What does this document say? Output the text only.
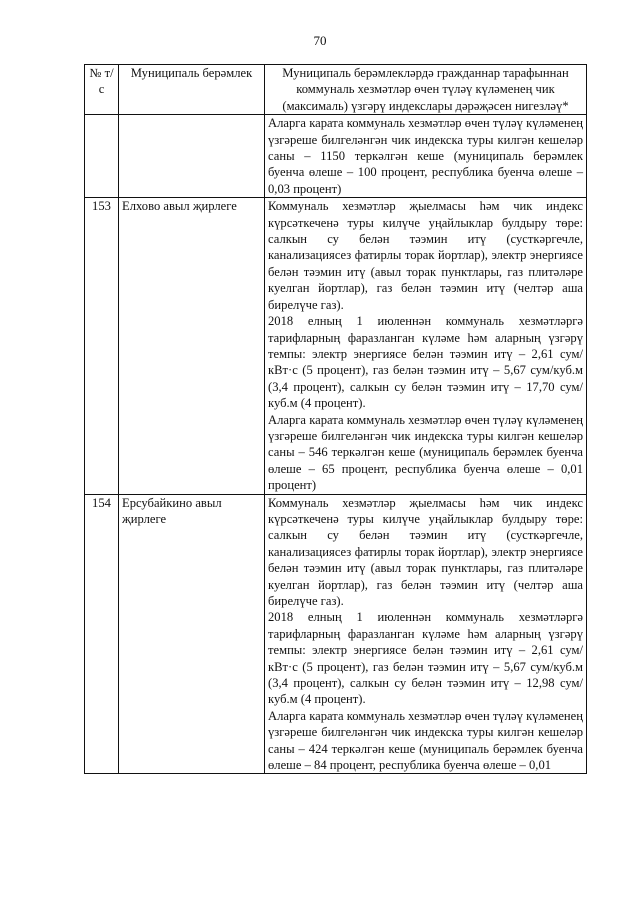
70
№ т/с	Муниципаль берәмлек	Муниципаль берәмлекләрдә гражданнар тарафыннан коммуналь хезмәтләр өчен түләү күләменең чик (максималь) үзгәрү индекслары дәрәҗәсен нигезләү*

		Аларга карата коммуналь хезмәтләр өчен түләү күләменең үзгәреше билгеләнгән чик индекска туры килгән кешеләр саны – 1150 теркәлгән кеше (муниципаль берәмлек буенча өлеше – 100 процент, республика буенча өлеше – 0,03 процент)

153	Елхово авыл җирлеге	Коммуналь хезмәтләр җыелмасы һәм чик индекс күрсәткеченә туры килүче уңайлыклар булдыру төре: салкын су белән тәэмин итү (сусткәргечле, канализациясез фатирлы торак йортлар), электр энергиясе белән тәэмин итү (авыл торак пунктлары, газ плитәләре куелган йортлар), газ белән тәэмин итү (челтәр аша бирелүче газ).
2018 елның 1 июленнән коммуналь хезмәтләргә тарифларның фаразланган күләме һәм аларның үзгәрү темпы: электр энергиясе белән тәэмин итү – 2,61 сум/кВт·с (5 процент), газ белән тәэмин итү – 5,67 сум/куб.м (3,4 процент), салкын су белән тәэмин итү – 17,70 сум/куб.м (4 процент).
Аларга карата коммуналь хезмәтләр өчен түләү күләменең үзгәреше билгеләнгән чик индекска туры килгән кешеләр саны – 546 теркәлгән кеше (муниципаль берәмлек буенча өлеше – 65 процент, республика буенча өлеше – 0,01 процент)

154	Ерсубайкино авыл җирлеге	Коммуналь хезмәтләр җыелмасы һәм чик индекс күрсәткеченә туры килүче уңайлыклар булдыру төре: салкын су белән тәэмин итү (сусткәргечле, канализациясез фатирлы торак йортлар), электр энергиясе белән тәэмин итү (авыл торак пунктлары, газ плитәләре куелган йортлар), газ белән тәэмин итү (челтәр аша бирелүче газ).
2018 елның 1 июленнән коммуналь хезмәтләргә тарифларның фаразланган күләме һәм аларның үзгәрү темпы: электр энергиясе белән тәэмин итү – 2,61 сум/кВт·с (5 процент), газ белән тәэмин итү – 5,67 сум/куб.м (3,4 процент), салкын су белән тәэмин итү – 12,98 сум/куб.м (4 процент).
Аларга карата коммуналь хезмәтләр өчен түләү күләменең үзгәреше билгеләнгән чик индекска туры килгән кешеләр саны – 424 теркәлгән кеше (муниципаль берәмлек буенча өлеше – 84 процент, республика буенча өлеше – 0,01
